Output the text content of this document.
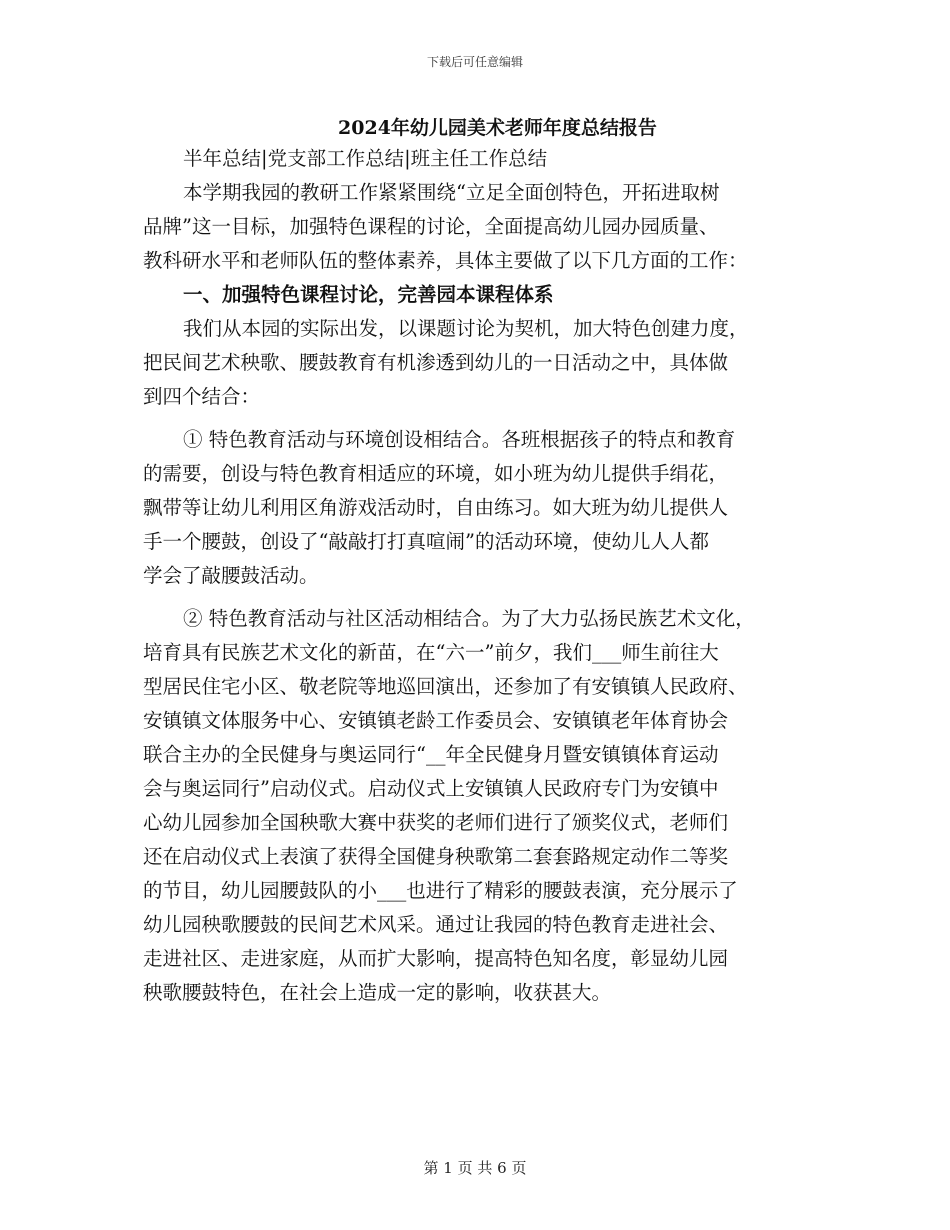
下载后可任意编辑
2024年幼儿园美术老师年度总结报告
半年总结|党支部工作总结|班主任工作总结
本学期我园的教研工作紧紧围绕“立足全面创特色，开拓进取树
品牌”这一目标，加强特色课程的讨论，全面提高幼儿园办园质量、
教科研水平和老师队伍的整体素养，具体主要做了以下几方面的工作：
一、加强特色课程讨论，完善园本课程体系
我们从本园的实际出发，以课题讨论为契机，加大特色创建力度，
把民间艺术秧歌、腰鼓教育有机渗透到幼儿的一日活动之中，具体做
到四个结合：
① 特色教育活动与环境创设相结合。各班根据孩子的特点和教育
的需要，创设与特色教育相适应的环境，如小班为幼儿提供手绢花，
飘带等让幼儿利用区角游戏活动时，自由练习。如大班为幼儿提供人
手一个腰鼓，创设了“敲敲打打真喧闹”的活动环境，使幼儿人人都
学会了敲腰鼓活动。
② 特色教育活动与社区活动相结合。为了大力弘扬民族艺术文化，
培育具有民族艺术文化的新苗，在“六一”前夕，我们___师生前往大
型居民住宅小区、敬老院等地巡回演出，还参加了有安镇镇人民政府、
安镇镇文体服务中心、安镇镇老龄工作委员会、安镇镇老年体育协会
联合主办的全民健身与奥运同行“__年全民健身月暨安镇镇体育运动
会与奥运同行”启动仪式。启动仪式上安镇镇人民政府专门为安镇中
心幼儿园参加全国秧歌大赛中获奖的老师们进行了颁奖仪式，老师们
还在启动仪式上表演了获得全国健身秧歌第二套套路规定动作二等奖
的节目，幼儿园腰鼓队的小___也进行了精彩的腰鼓表演，充分展示了
幼儿园秧歌腰鼓的民间艺术风采。通过让我园的特色教育走进社会、
走进社区、走进家庭，从而扩大影响，提高特色知名度，彰显幼儿园
秧歌腰鼓特色，在社会上造成一定的影响，收获甚大。
第 1 页 共 6 页
